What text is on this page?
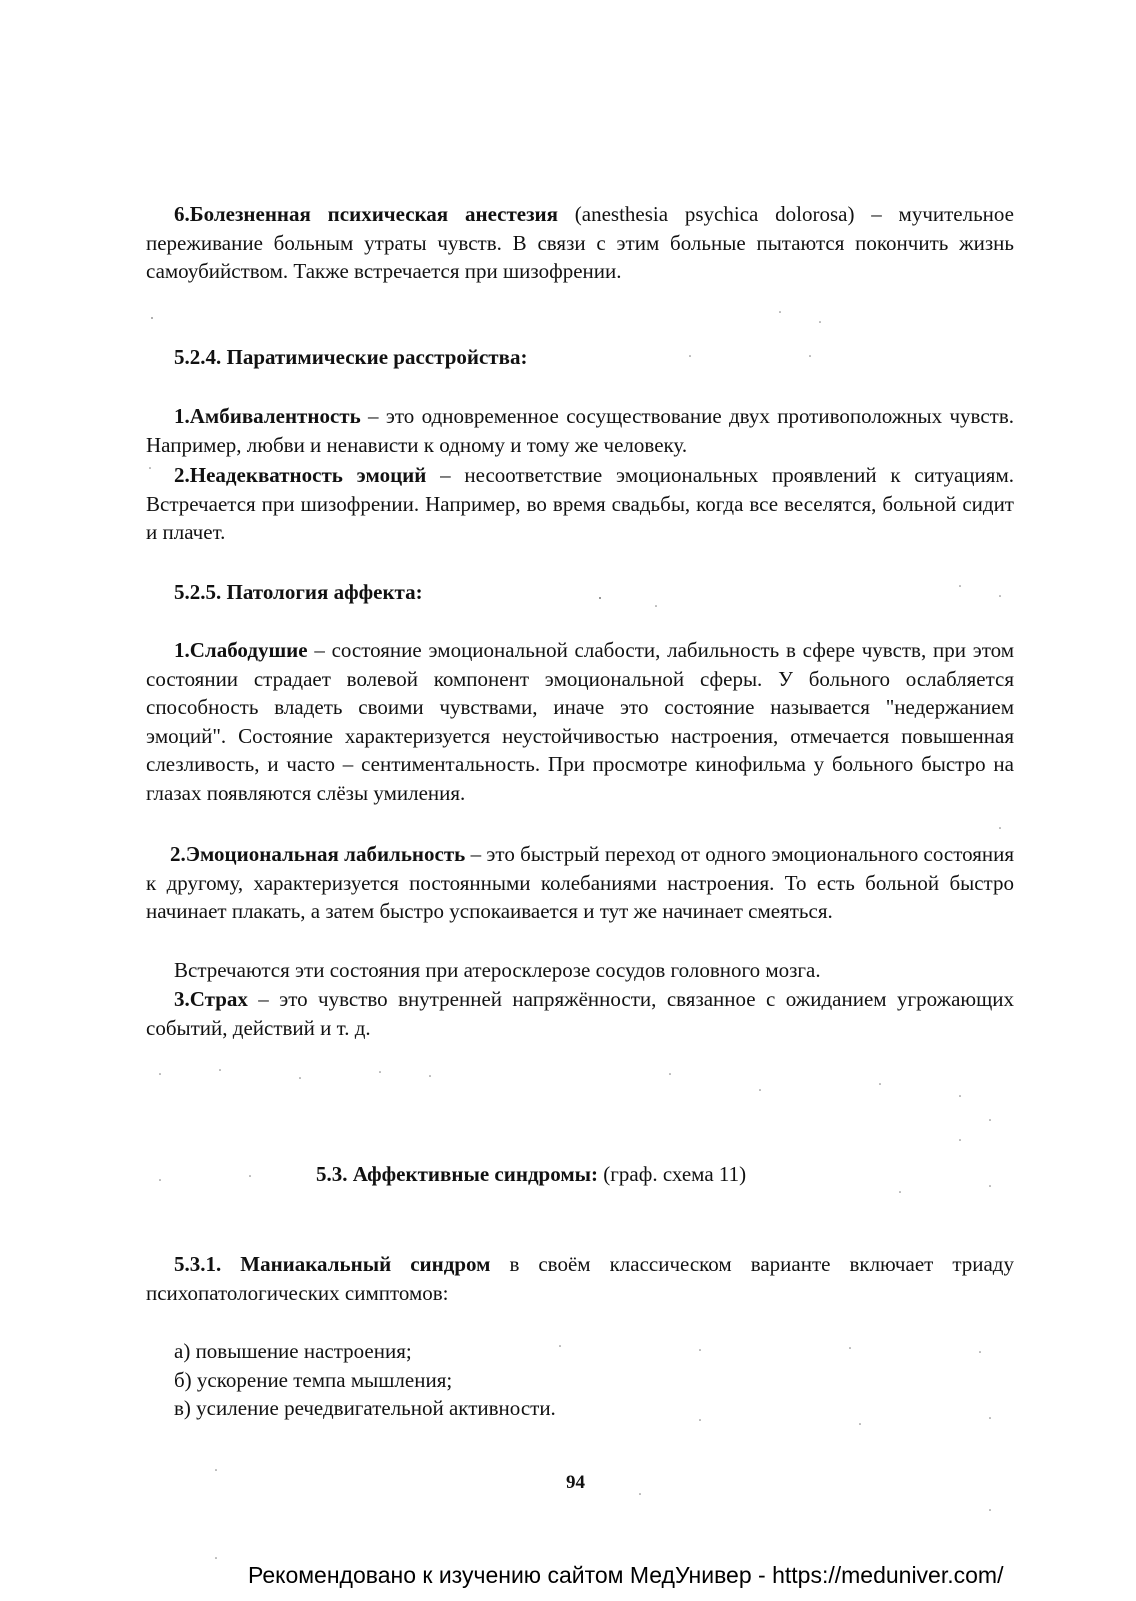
6.Болезненная психическая анестезия (anesthesia psychica dolorosa) – мучительное переживание больным утраты чувств. В связи с этим больные пытаются покончить жизнь самоубийством. Также встречается при шизофрении.

5.2.4. Паратимические расстройства:

1.Амбивалентность – это одновременное сосуществование двух противоположных чувств. Например, любви и ненависти к одному и тому же человеку.

2.Неадекватность эмоций – несоответствие эмоциональных проявлений к ситуациям. Встречается при шизофрении. Например, во время свадьбы, когда все веселятся, больной сидит и плачет.

5.2.5. Патология аффекта:

1.Слабодушие – состояние эмоциональной слабости, лабильность в сфере чувств, при этом состоянии страдает волевой компонент эмоциональной сферы. У больного ослабляется способность владеть своими чувствами, иначе это состояние называется "недержанием эмоций". Состояние характеризуется неустойчивостью настроения, отмечается повышенная слезливость, и часто – сентиментальность. При просмотре кинофильма у больного быстро на глазах появляются слёзы умиления.

2.Эмоциональная лабильность – это быстрый переход от одного эмоционального состояния к другому, характеризуется постоянными колебаниями настроения. То есть больной быстро начинает плакать, а затем быстро успокаивается и тут же начинает смеяться.

Встречаются эти состояния при атеросклерозе сосудов головного мозга.

3.Страх – это чувство внутренней напряжённости, связанное с ожиданием угрожающих событий, действий и т. д.

5.3. Аффективные синдромы: (граф. схема 11)

5.3.1. Маниакальный синдром в своём классическом варианте включает триаду психопатологических симптомов:

а) повышение настроения;

б) ускорение темпа мышления;

в) усиление речедвигательной активности.

94
Рекомендовано к изучению сайтом МедУнивер - https://meduniver.com/
